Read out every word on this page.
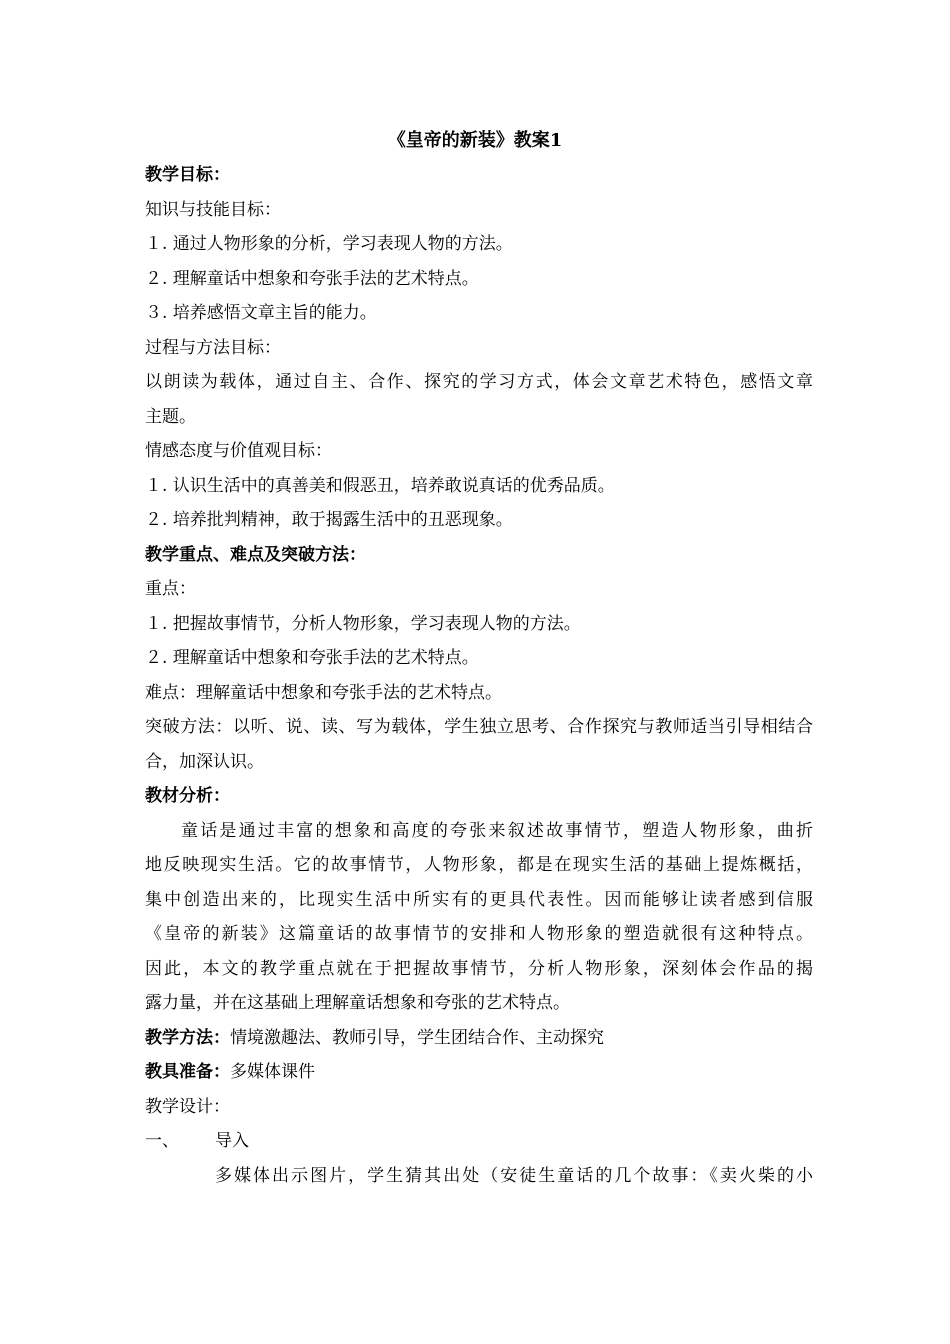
《皇帝的新装》教案1
教学目标：
知识与技能目标：
１. 通过人物形象的分析，学习表现人物的方法。
２. 理解童话中想象和夸张手法的艺术特点。
３. 培养感悟文章主旨的能力。
过程与方法目标：
以朗读为载体，通过自主、合作、探究的学习方式，体会文章艺术特色，感悟文章
主题。
情感态度与价值观目标：
１. 认识生活中的真善美和假恶丑，培养敢说真话的优秀品质。
２. 培养批判精神，敢于揭露生活中的丑恶现象。
教学重点、难点及突破方法：
重点：
１. 把握故事情节，分析人物形象，学习表现人物的方法。
２. 理解童话中想象和夸张手法的艺术特点。
难点：理解童话中想象和夸张手法的艺术特点。
突破方法：以听、说、读、写为载体，学生独立思考、合作探究与教师适当引导相结合
合，加深认识。
教材分析：
童话是通过丰富的想象和高度的夸张来叙述故事情节，塑造人物形象，曲折
地反映现实生活。它的故事情节，人物形象，都是在现实生活的基础上提炼概括，
集中创造出来的，比现实生活中所实有的更具代表性。因而能够让读者感到信服
《皇帝的新装》这篇童话的故事情节的安排和人物形象的塑造就很有这种特点。
因此，本文的教学重点就在于把握故事情节，分析人物形象，深刻体会作品的揭
露力量，并在这基础上理解童话想象和夸张的艺术特点。
教学方法：情境激趣法、教师引导，学生团结合作、主动探究
教具准备：多媒体课件
教学设计：
一、 导入
多媒体出示图片，学生猜其出处（安徒生童话的几个故事：《卖火柴的小
